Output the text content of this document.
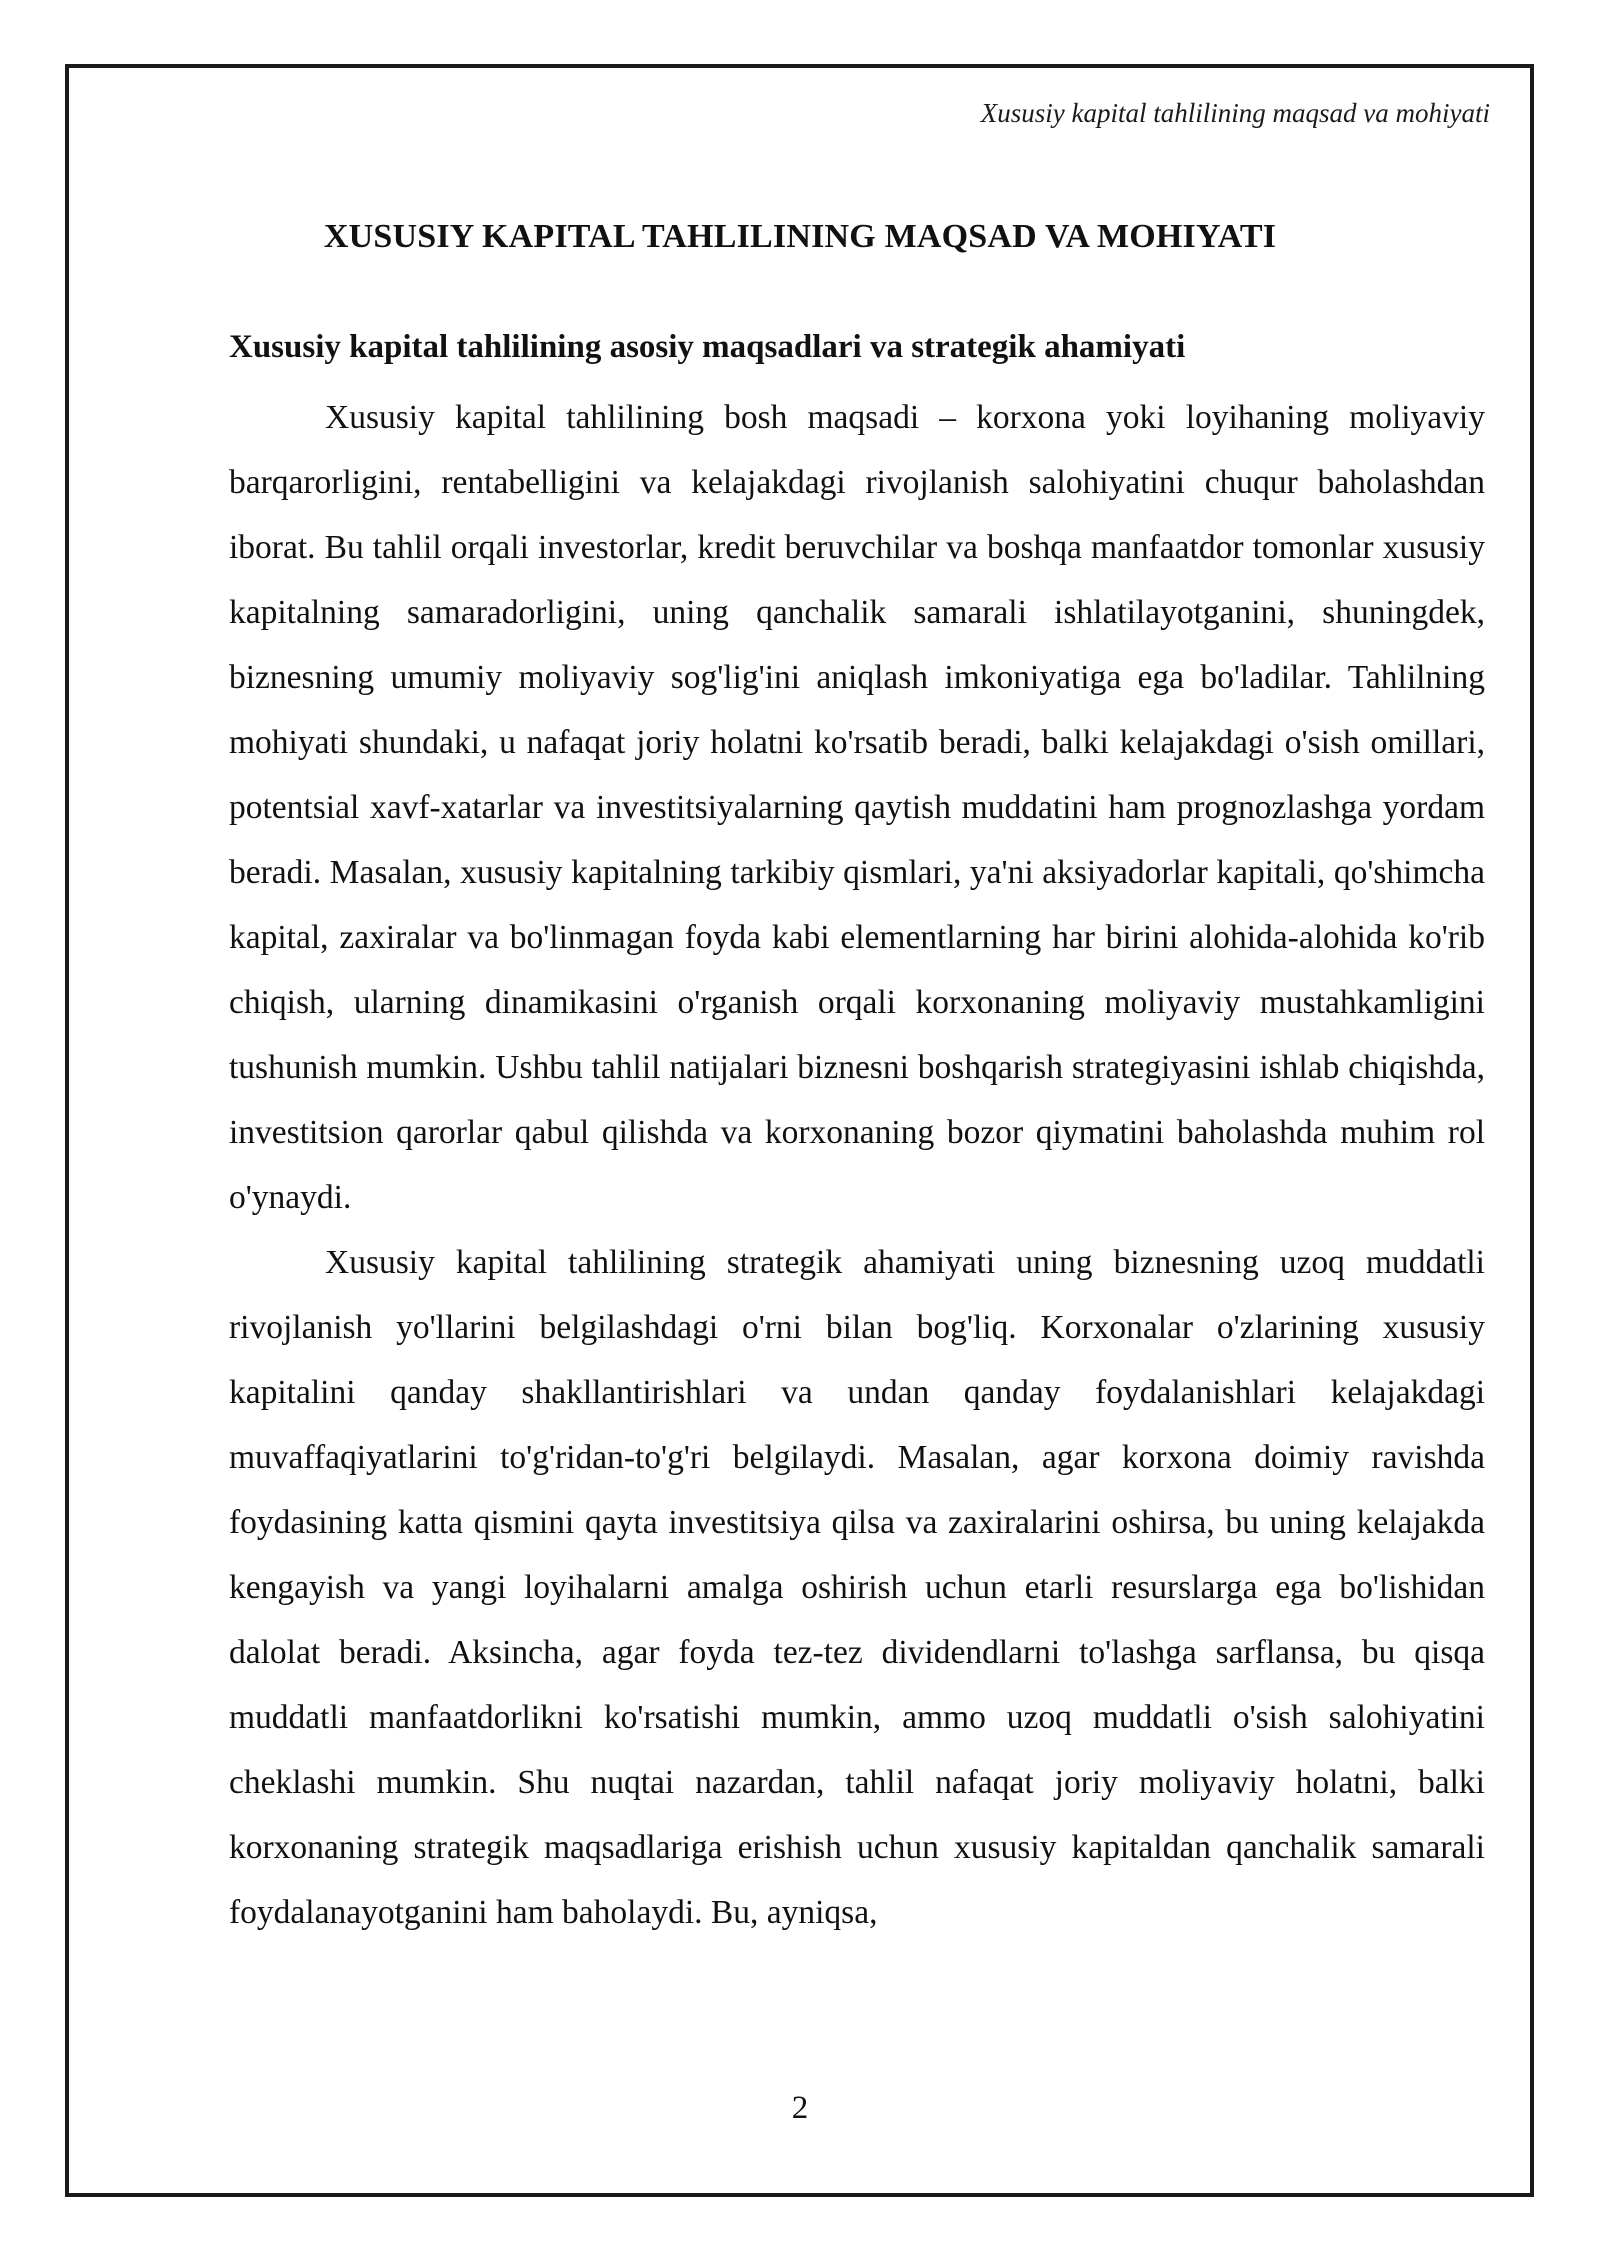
Xususiy kapital tahlilining maqsad va mohiyati
XUSUSIY KAPITAL TAHLILINING MAQSAD VA MOHIYATI

Xususiy kapital tahlilining asosiy maqsadlari va strategik ahamiyati

Xususiy kapital tahlilining bosh maqsadi – korxona yoki loyihaning moliyaviy barqarorligini, rentabelligini va kelajakdagi rivojlanish salohiyatini chuqur baholashdan iborat. Bu tahlil orqali investorlar, kredit beruvchilar va boshqa manfaatdor tomonlar xususiy kapitalning samaradorligini, uning qanchalik samarali ishlatilayotganini, shuningdek, biznesning umumiy moliyaviy sog'lig'ini aniqlash imkoniyatiga ega bo'ladilar. Tahlilning mohiyati shundaki, u nafaqat joriy holatni ko'rsatib beradi, balki kelajakdagi o'sish omillari, potentsial xavf-xatarlar va investitsiyalarning qaytish muddatini ham prognozlashga yordam beradi. Masalan, xususiy kapitalning tarkibiy qismlari, ya'ni aksiyadorlar kapitali, qo'shimcha kapital, zaxiralar va bo'linmagan foyda kabi elementlarning har birini alohida-alohida ko'rib chiqish, ularning dinamikasini o'rganish orqali korxonaning moliyaviy mustahkamligini tushunish mumkin. Ushbu tahlil natijalari biznesni boshqarish strategiyasini ishlab chiqishda, investitsion qarorlar qabul qilishda va korxonaning bozor qiymatini baholashda muhim rol o'ynaydi.

Xususiy kapital tahlilining strategik ahamiyati uning biznesning uzoq muddatli rivojlanish yo'llarini belgilashdagi o'rni bilan bog'liq. Korxonalar o'zlarining xususiy kapitalini qanday shakllantirishlari va undan qanday foydalanishlari kelajakdagi muvaffaqiyatlarini to'g'ridan-to'g'ri belgilaydi. Masalan, agar korxona doimiy ravishda foydasining katta qismini qayta investitsiya qilsa va zaxiralarini oshirsa, bu uning kelajakda kengayish va yangi loyihalarni amalga oshirish uchun etarli resurslarga ega bo'lishidan dalolat beradi. Aksincha, agar foyda tez-tez dividendlarni to'lashga sarflansa, bu qisqa muddatli manfaatdorlikni ko'rsatishi mumkin, ammo uzoq muddatli o'sish salohiyatini cheklashi mumkin. Shu nuqtai nazardan, tahlil nafaqat joriy moliyaviy holatni, balki korxonaning strategik maqsadlariga erishish uchun xususiy kapitaldan qanchalik samarali foydalanayotganini ham baholaydi. Bu, ayniqsa,

2
